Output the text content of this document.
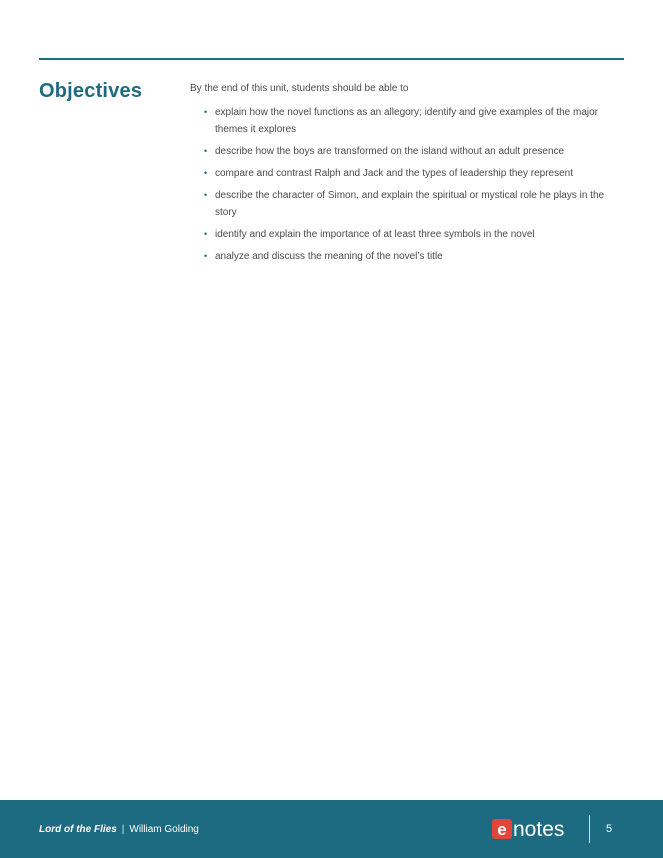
Objectives	By the end of this unit, students should be able to

• explain how the novel functions as an allegory; identify and give examples of the major themes it explores
• describe how the boys are transformed on the island without an adult presence
• compare and contrast Ralph and Jack and the types of leadership they represent
• describe the character of Simon, and explain the spiritual or mystical role he plays in the story
• identify and explain the importance of at least three symbols in the novel
• analyze and discuss the meaning of the novel’s title
Lord of the Flies | William Golding	e notes	5
